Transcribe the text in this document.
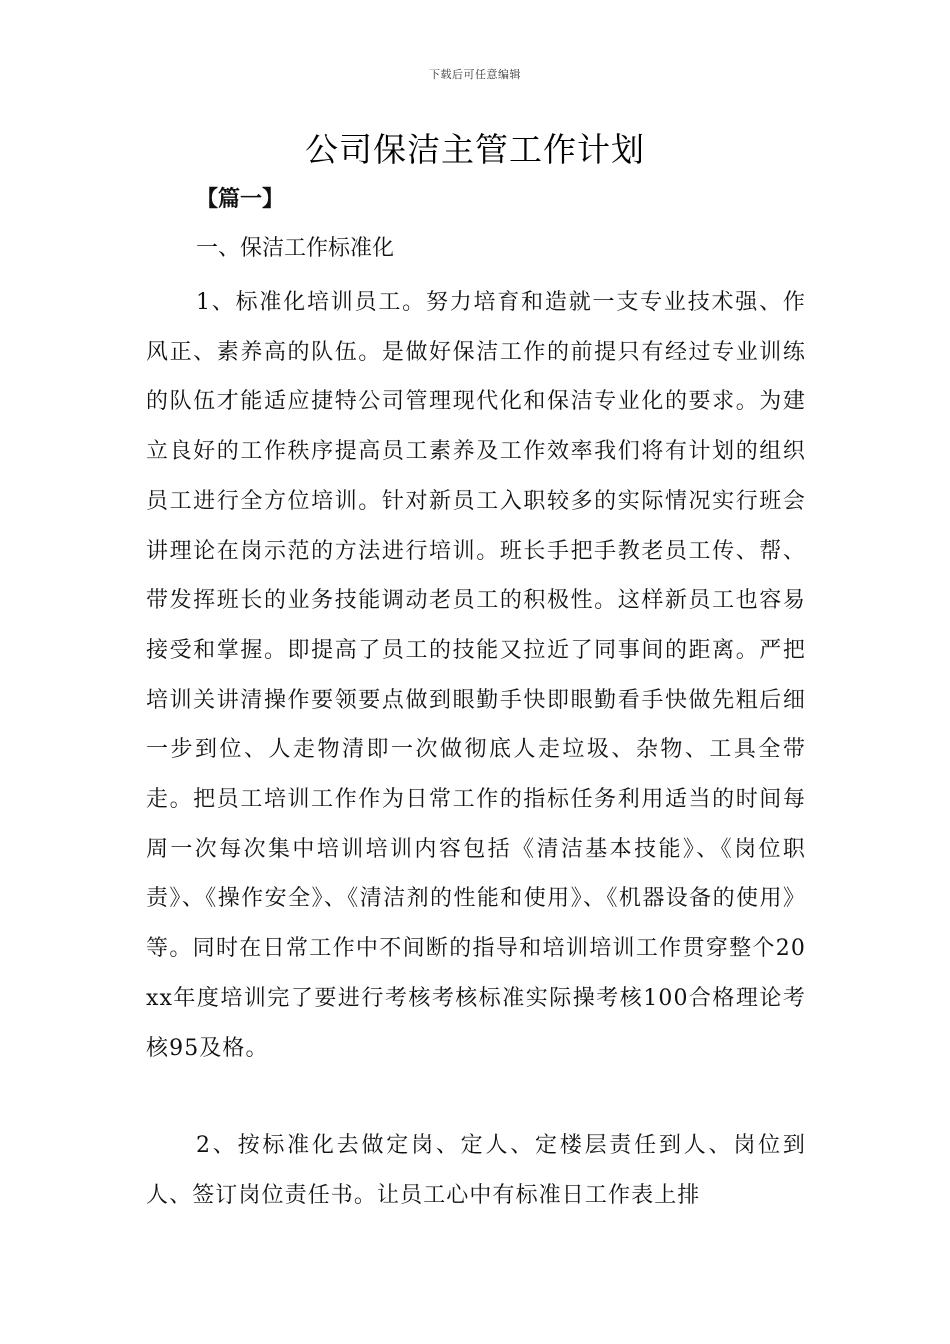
下载后可任意编辑
公司保洁主管工作计划
【篇一】
一、保洁工作标准化

1、标准化培训员工。努力培育和造就一支专业技术强、作风正、素养高的队伍。是做好保洁工作的前提只有经过专业训练的队伍才能适应捷特公司管理现代化和保洁专业化的要求。为建立良好的工作秩序提高员工素养及工作效率我们将有计划的组织员工进行全方位培训。针对新员工入职较多的实际情况实行班会讲理论在岗示范的方法进行培训。班长手把手教老员工传、帮、带发挥班长的业务技能调动老员工的积极性。这样新员工也容易接受和掌握。即提高了员工的技能又拉近了同事间的距离。严把培训关讲清操作要领要点做到眼勤手快即眼勤看手快做先粗后细一步到位、人走物清即一次做彻底人走垃圾、杂物、工具全带走。把员工培训工作作为日常工作的指标任务利用适当的时间每周一次每次集中培训培训内容包括《清洁基本技能》、《岗位职责》、《操作安全》、《清洁剂的性能和使用》、《机器设备的使用》等。同时在日常工作中不间断的指导和培训培训工作贯穿整个20xx年度培训完了要进行考核考核标准实际操考核100合格理论考核95及格。

2、按标准化去做定岗、定人、定楼层责任到人、岗位到人、签订岗位责任书。让员工心中有标准日工作表上排
